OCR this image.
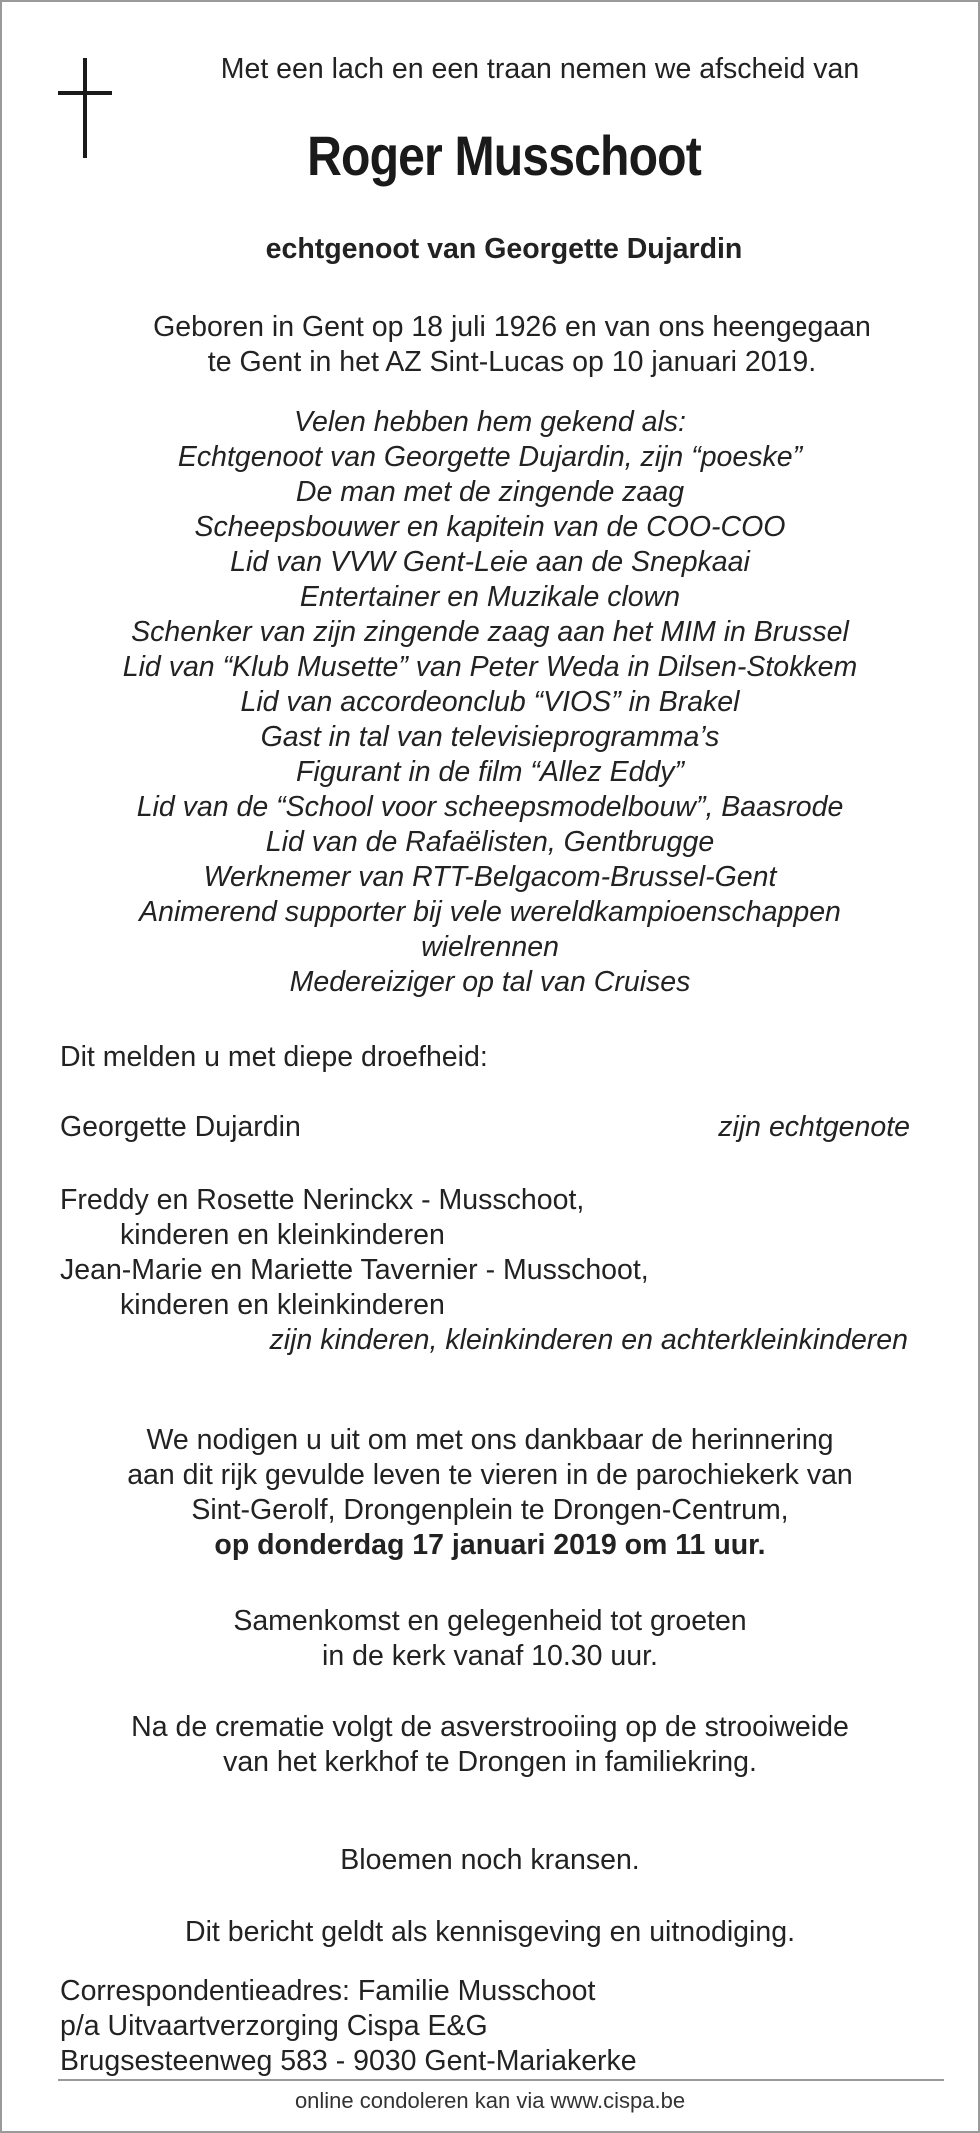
Met een lach en een traan nemen we afscheid van
Roger Musschoot
echtgenoot van Georgette Dujardin
Geboren in Gent op 18 juli 1926 en van ons heengegaan
te Gent in het AZ Sint-Lucas op 10 januari 2019.
Velen hebben hem gekend als:
Echtgenoot van Georgette Dujardin, zijn “poeske”
De man met de zingende zaag
Scheepsbouwer en kapitein van de COO-COO
Lid van VVW Gent-Leie aan de Snepkaai
Entertainer en Muzikale clown
Schenker van zijn zingende zaag aan het MIM in Brussel
Lid van “Klub Musette” van Peter Weda in Dilsen-Stokkem
Lid van accordeonclub “VIOS” in Brakel
Gast in tal van televisieprogramma’s
Figurant in de film “Allez Eddy”
Lid van de “School voor scheepsmodelbouw”, Baasrode
Lid van de Rafaëlisten, Gentbrugge
Werknemer van RTT-Belgacom-Brussel-Gent
Animerend supporter bij vele wereldkampioenschappen
wielrennen
Medereiziger op tal van Cruises
Dit melden u met diepe droefheid:
Georgette Dujardin	zijn echtgenote
Freddy en Rosette Nerinckx - Musschoot,
kinderen en kleinkinderen
Jean-Marie en Mariette Tavernier - Musschoot,
kinderen en kleinkinderen
zijn kinderen, kleinkinderen en achterkleinkinderen
We nodigen u uit om met ons dankbaar de herinnering
aan dit rijk gevulde leven te vieren in de parochiekerk van
Sint-Gerolf, Drongenplein te Drongen-Centrum,
op donderdag 17 januari 2019 om 11 uur.
Samenkomst en gelegenheid tot groeten
in de kerk vanaf 10.30 uur.
Na de crematie volgt de asverstrooiing op de strooiweide
van het kerkhof te Drongen in familiekring.
Bloemen noch kransen.
Dit bericht geldt als kennisgeving en uitnodiging.
Correspondentieadres: Familie Musschoot
p/a Uitvaartverzorging Cispa E&G
Brugsesteenweg 583 - 9030 Gent-Mariakerke
online condoleren kan via www.cispa.be
